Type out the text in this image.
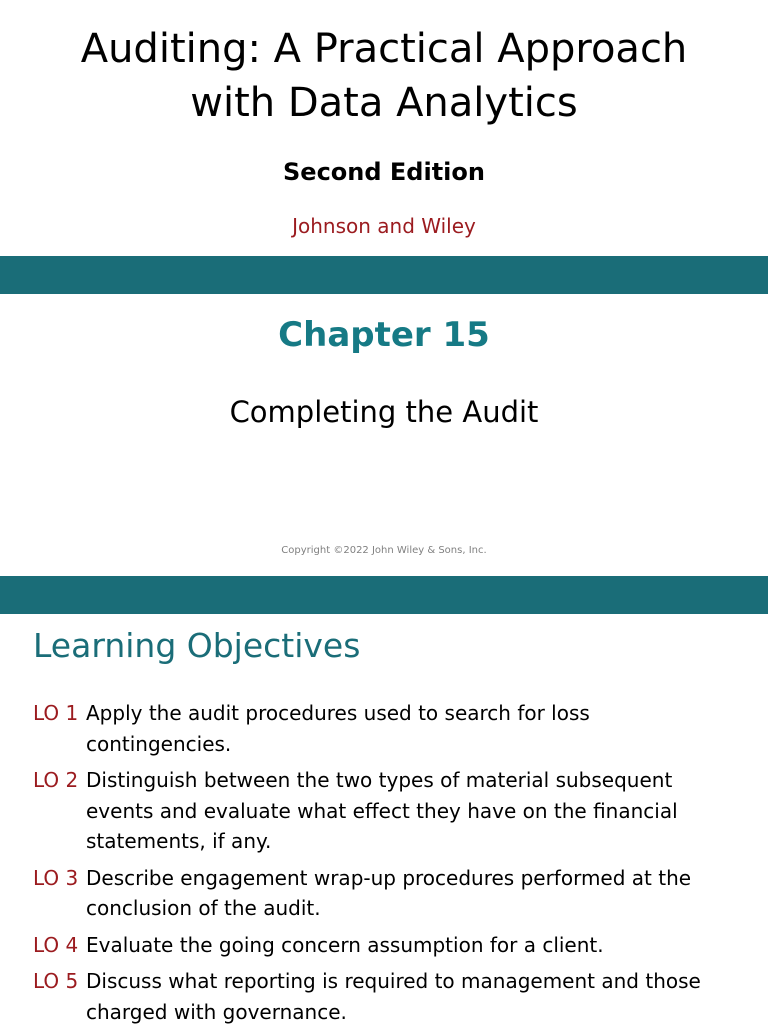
Auditing: A Practical Approach
with Data Analytics
Second Edition
Johnson and Wiley
Chapter 15
Completing the Audit
Copyright ©2022 John Wiley & Sons, Inc.
Learning Objectives
LO 1 Apply the audit procedures used to search for loss contingencies.
LO 2 Distinguish between the two types of material subsequent events and evaluate what effect they have on the financial statements, if any.
LO 3 Describe engagement wrap-up procedures performed at the conclusion of the audit.
LO 4 Evaluate the going concern assumption for a client.
LO 5 Discuss what reporting is required to management and those charged with governance.
